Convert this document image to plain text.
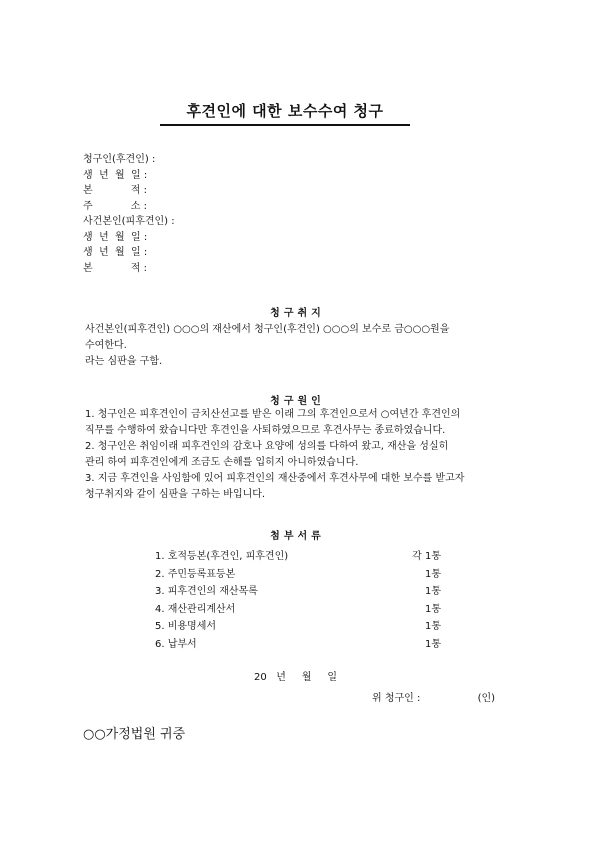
후견인에 대한 보수수여 청구
청구인(후견인) :
생  년  월  일 :
본            적 :
주            소 :
사건본인(피후견인) :
생  년  월  일 :
생  년  월  일 :
본            적 :
청구취지
사건본인(피후견인) ○○○의 재산에서 청구인(후견인) ○○○의 보수로 금○○○원을
수여한다.
라는 심판을 구함.
청구원인
1. 청구인은 피후견인이 금치산선고를 받은 이래 그의 후견인으로서 ○여년간 후견인의
직무를 수행하여 왔습니다만 후견인을 사퇴하였으므로 후견사무는 종료하였습니다.
2. 청구인은 취임이래 피후견인의 감호나 요양에 성의를 다하여 왔고, 재산을 성실히
관리 하여 피후견인에게 조금도 손해를 입히지 아니하였습니다.
3. 지금 후견인을 사임함에 있어 피후견인의 재산중에서 후견사무에 대한 보수를 받고자
청구취지와 같이 심판을 구하는 바입니다.
첨부서류
1. 호적등본(후견인, 피후견인)	각 1통
2. 주민등록표등본	1통
3. 피후견인의 재산목록	1통
4. 재산관리계산서	1통
5. 비용명세서	1통
6. 납부서	1통
20   년     월     일
위 청구인 :                  (인)
○○가정법원 귀중
